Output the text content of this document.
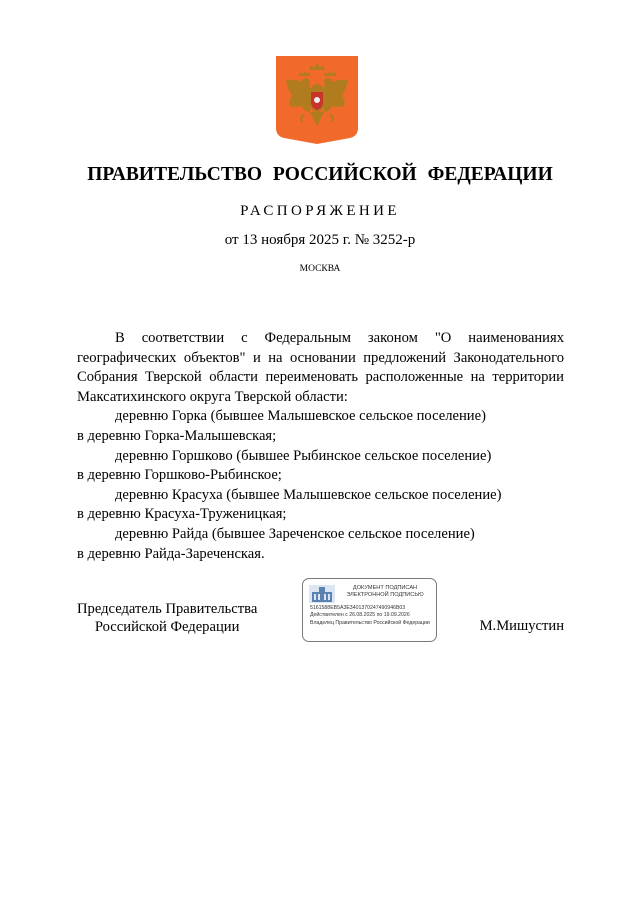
ПРАВИТЕЛЬСТВО РОССИЙСКОЙ ФЕДЕРАЦИИ
РАСПОРЯЖЕНИЕ
от 13 ноября 2025 г. № 3252-р
МОСКВА

В соответствии с Федеральным законом "О наименованиях географических объектов" и на основании предложений Законодательного Собрания Тверской области переименовать расположенные на территории Максатихинского округа Тверской области:

деревню Горка (бывшее Малышевское сельское поселение)

в деревню Горка-Малышевская;

деревню Горшково (бывшее Рыбинское сельское поселение)

в деревню Горшково-Рыбинское;

деревню Красуха (бывшее Малышевское сельское поселение)

в деревню Красуха-Труженицкая;

деревню Райда (бывшее Зареченское сельское поселение)

в деревню Райда-Зареченская.

Председатель Правительства
Российской Федерации
ДОКУМЕНТ ПОДПИСАН
ЭЛЕКТРОННОЙ ПОДПИСЬЮ
5161588EB5A3E3401370247490946B03
Действителен с 26.08.2025 по 19.09.2026
Владелец Правительство Российской Федерации	М.Мишустин
